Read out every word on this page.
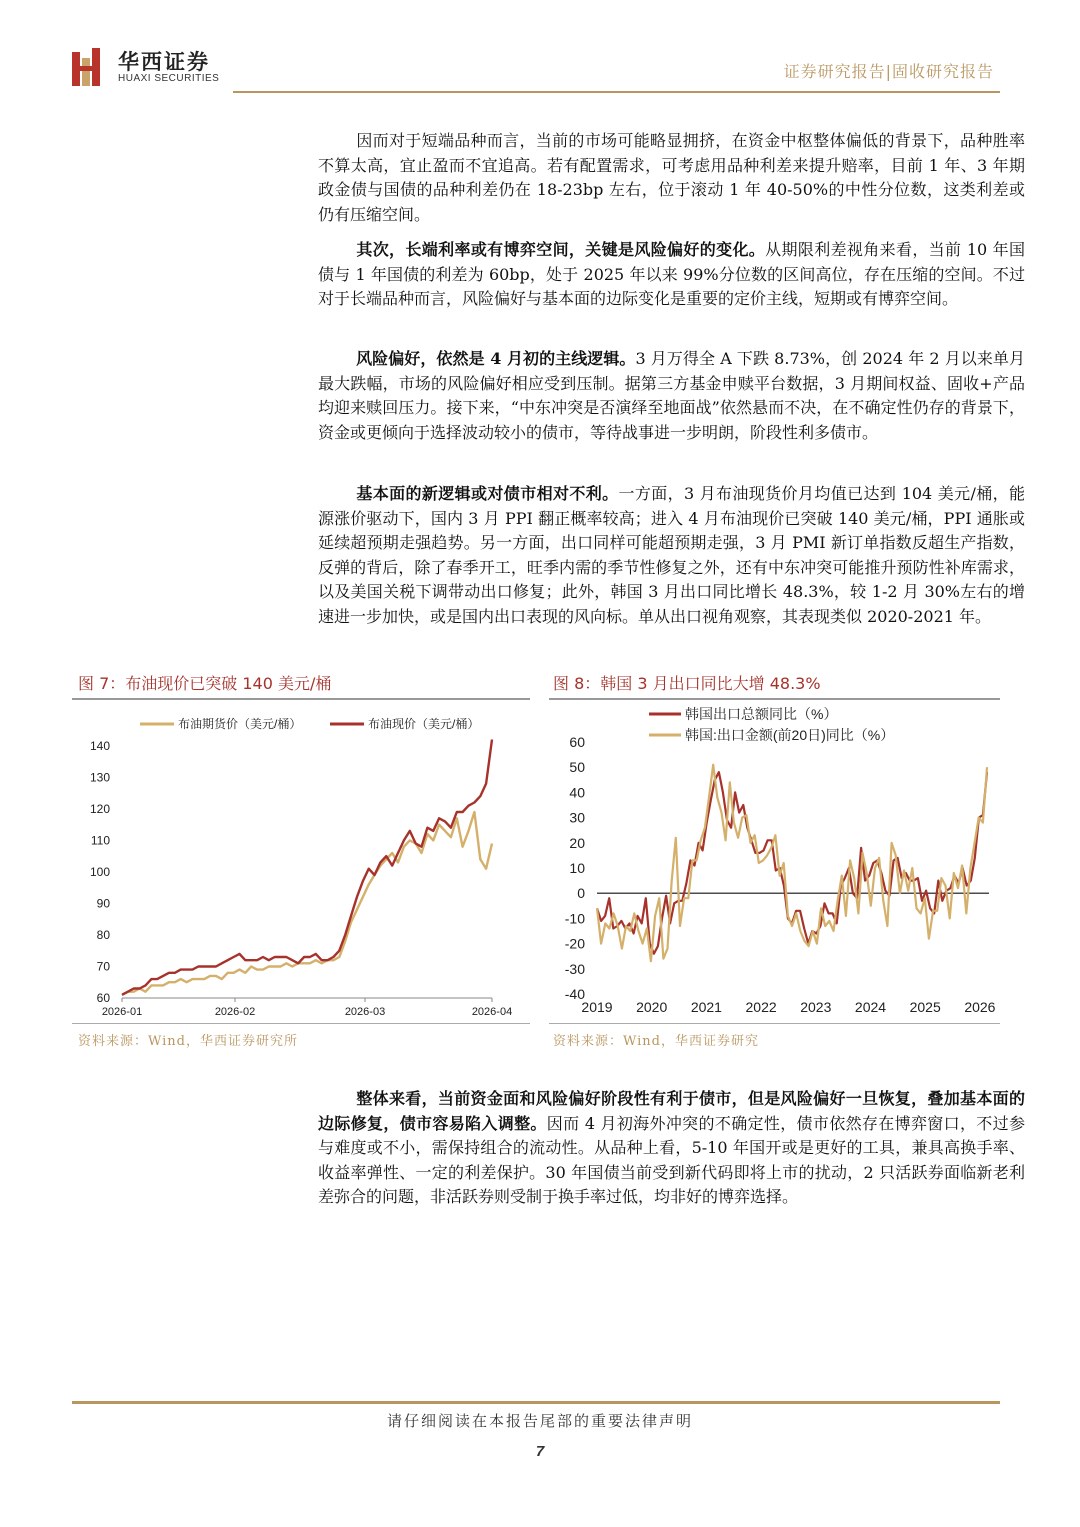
华西证券
HUAXI SECURITIES	证券研究报告|固收研究报告

因而对于短端品种而言，当前的市场可能略显拥挤，在资金中枢整体偏低的背景下，品种胜率不算太高，宜止盈而不宜追高。若有配置需求，可考虑用品种利差来提升赔率，目前 1 年、3 年期政金债与国债的品种利差仍在 18-23bp 左右，位于滚动 1 年 40-50%的中性分位数，这类利差或仍有压缩空间。

其次，长端利率或有博弈空间，关键是风险偏好的变化。从期限利差视角来看，当前 10 年国债与 1 年国债的利差为 60bp，处于 2025 年以来 99%分位数的区间高位，存在压缩的空间。不过对于长端品种而言，风险偏好与基本面的边际变化是重要的定价主线，短期或有博弈空间。

风险偏好，依然是 4 月初的主线逻辑。3 月万得全 A 下跌 8.73%，创 2024 年 2 月以来单月最大跌幅，市场的风险偏好相应受到压制。据第三方基金申赎平台数据，3 月期间权益、固收+产品均迎来赎回压力。接下来，“中东冲突是否演绎至地面战”依然悬而不决，在不确定性仍存的背景下，资金或更倾向于选择波动较小的债市，等待战事进一步明朗，阶段性利多债市。

基本面的新逻辑或对债市相对不利。一方面，3 月布油现货价月均值已达到 104 美元/桶，能源涨价驱动下，国内 3 月 PPI 翻正概率较高；进入 4 月布油现价已突破 140 美元/桶，PPI 通胀或延续超预期走强趋势。另一方面，出口同样可能超预期走强，3 月 PMI 新订单指数反超生产指数，反弹的背后，除了春季开工，旺季内需的季节性修复之外，还有中东冲突可能推升预防性补库需求，以及美国关税下调带动出口修复；此外，韩国 3 月出口同比增长 48.3%，较 1-2 月 30%左右的增速进一步加快，或是国内出口表现的风向标。单从出口视角观察，其表现类似 2020-2021 年。

图 7：布油现价已突破 140 美元/桶
60
70
80
90
100
110
120
130
140
2026-01	2026-02	2026-03	2026-04
布油期货价（美元/桶）	布油现价（美元/桶）
资料来源：Wind，华西证券研究所
图 8：韩国 3 月出口同比大增 48.3%
60
50
40
30
20
10
0
-10
-20
-30
-40
2019 2020 2021 2022 2023 2024 2025 2026
韩国出口总额同比（%）
韩国:出口金额(前20日)同比（%）
资料来源：Wind，华西证券研究

整体来看，当前资金面和风险偏好阶段性有利于债市，但是风险偏好一旦恢复，叠加基本面的边际修复，债市容易陷入调整。因而 4 月初海外冲突的不确定性，债市依然存在博弈窗口，不过参与难度或不小，需保持组合的流动性。从品种上看，5-10 年国开或是更好的工具，兼具高换手率、收益率弹性、一定的利差保护。30 年国债当前受到新代码即将上市的扰动，2 只活跃券面临新老利差弥合的问题，非活跃券则受制于换手率过低，均非好的博弈选择。

请仔细阅读在本报告尾部的重要法律声明
7
